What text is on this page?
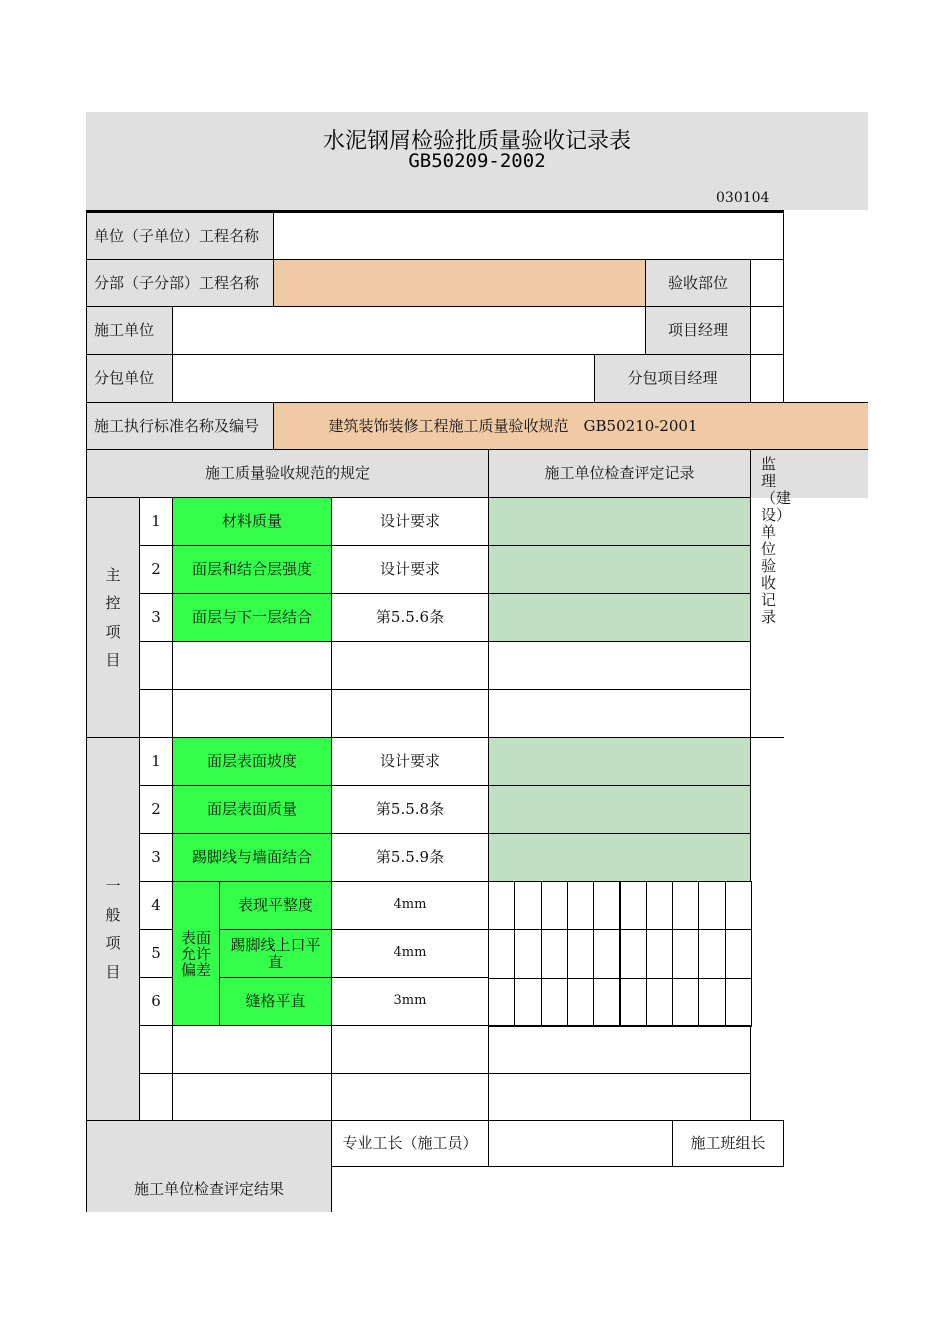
水泥钢屑检验批质量验收记录表
GB50209-2002
030104
单位（子单位）工程名称
分部（子分部）工程名称	验收部位
施工单位	项目经理
分包单位	分包项目经理
施工执行标准名称及编号	建筑装饰装修工程施工质量验收规范　GB50210-2001
施工质量验收规范的规定	施工单位检查评定记录
监理（建设）单位验收记录
主
控
项
目
1	材料质量	设计要求
2	面层和结合层强度	设计要求
3	面层与下一层结合	第5.5.6条
一
般
项
目
1	面层表面坡度	设计要求
2	面层表面质量	第5.5.8条
3	踢脚线与墙面结合	第5.5.9条
表面允许偏差
4	表现平整度	4mm
5	踢脚线上口平直	4mm
6	缝格平直	3mm
施工单位检查评定结果
专业工长（施工员）	施工班组长
